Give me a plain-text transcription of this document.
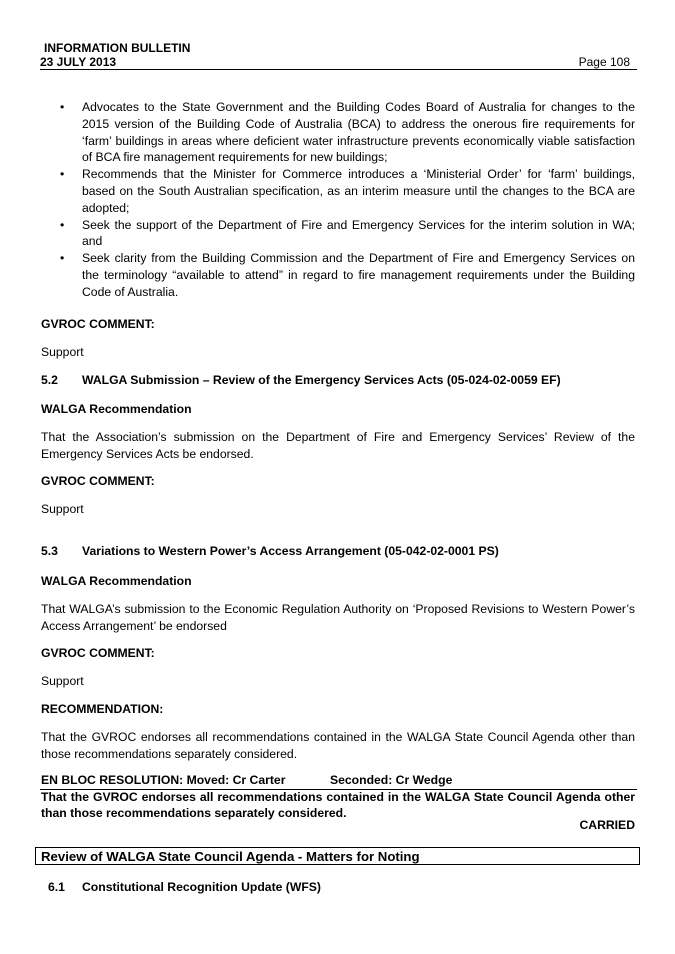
INFORMATION BULLETIN
23 JULY 2013	Page 108
• Advocates to the State Government and the Building Codes Board of Australia for changes to the 2015 version of the Building Code of Australia (BCA) to address the onerous fire requirements for ‘farm’ buildings in areas where deficient water infrastructure prevents economically viable satisfaction of BCA fire management requirements for new buildings;
• Recommends that the Minister for Commerce introduces a ‘Ministerial Order’ for ‘farm’ buildings, based on the South Australian specification, as an interim measure until the changes to the BCA are adopted;
• Seek the support of the Department of Fire and Emergency Services for the interim solution in WA; and
• Seek clarity from the Building Commission and the Department of Fire and Emergency Services on the terminology “available to attend” in regard to fire management requirements under the Building Code of Australia.
GVROC COMMENT:
Support
5.2 WALGA Submission – Review of the Emergency Services Acts (05-024-02-0059 EF)
WALGA Recommendation
That the Association’s submission on the Department of Fire and Emergency Services’ Review of the Emergency Services Acts be endorsed.
GVROC COMMENT:
Support
5.3 Variations to Western Power’s Access Arrangement (05-042-02-0001 PS)
WALGA Recommendation
That WALGA’s submission to the Economic Regulation Authority on ‘Proposed Revisions to Western Power’s Access Arrangement’ be endorsed
GVROC COMMENT:
Support
RECOMMENDATION:
That the GVROC endorses all recommendations contained in the WALGA State Council Agenda other than those recommendations separately considered.
EN BLOC RESOLUTION: Moved: Cr Carter	Seconded: Cr Wedge
That the GVROC endorses all recommendations contained in the WALGA State Council Agenda other than those recommendations separately considered.
CARRIED
Review of WALGA State Council Agenda - Matters for Noting
6.1 Constitutional Recognition Update (WFS)
